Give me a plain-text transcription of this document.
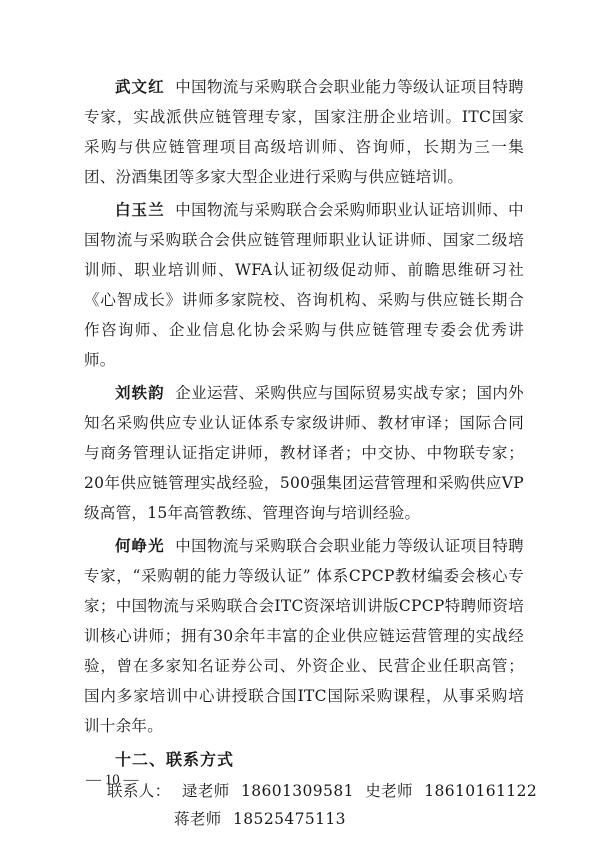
武文红 中国物流与采购联合会职业能力等级认证项目特聘专家，实战派供应链管理专家，国家注册企业培训。ITC国家采购与供应链管理项目高级培训师、咨询师，长期为三一集团、汾酒集团等多家大型企业进行采购与供应链培训。

白玉兰 中国物流与采购联合会采购师职业认证培训师、中国物流与采购联合会供应链管理师职业认证讲师、国家二级培训师、职业培训师、WFA认证初级促动师、前瞻思维研习社《心智成长》讲师多家院校、咨询机构、采购与供应链长期合作咨询师、企业信息化协会采购与供应链管理专委会优秀讲师。

刘轶韵 企业运营、采购供应与国际贸易实战专家；国内外知名采购供应专业认证体系专家级讲师、教材审译；国际合同与商务管理认证指定讲师，教材译者；中交协、中物联专家；20年供应链管理实战经验，500强集团运营管理和采购供应VP级高管，15年高管教练、管理咨询与培训经验。

何峥光 中国物流与采购联合会职业能力等级认证项目特聘专家，“采购朝的能力等级认证” 体系CPCP教材编委会核心专家；中国物流与采购联合会ITC资深培训讲版CPCP特聘师资培训核心讲师；拥有30余年丰富的企业供应链运营管理的实战经验，曾在多家知名证券公司、外资企业、民营企业任职高管；国内多家培训中心讲授联合国ITC国际采购课程，从事采购培训十余年。

十二、联系方式
联系人： 逯老师 18601309581 史老师 18610161122
蒋老师 18525475113
— 10 —
